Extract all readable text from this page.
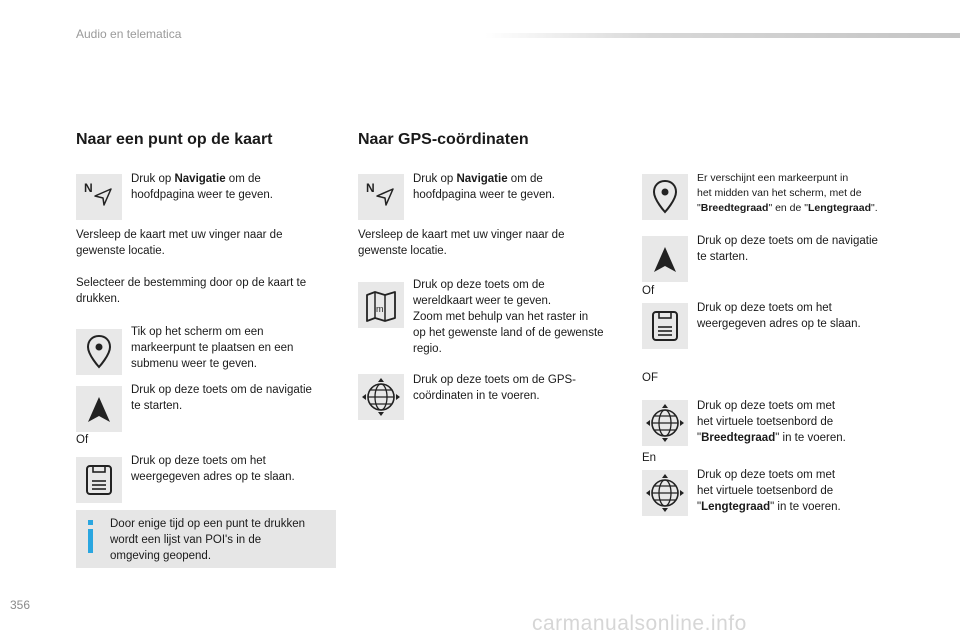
Audio en telematica
Naar een punt op de kaart
N
Druk op Navigatie om de
hoofdpagina weer te geven.
Versleep de kaart met uw vinger naar de
gewenste locatie.
Selecteer de bestemming door op de kaart te
drukken.
Tik op het scherm om een
markeerpunt te plaatsen en een
submenu weer te geven.
Druk op deze toets om de navigatie
te starten.
Of
Druk op deze toets om het
weergegeven adres op te slaan.
Door enige tijd op een punt te drukken
wordt een lijst van POI's in de
omgeving geopend.
Naar GPS-coördinaten
N
Druk op Navigatie om de
hoofdpagina weer te geven.
Versleep de kaart met uw vinger naar de
gewenste locatie.
m
Druk op deze toets om de
wereldkaart weer te geven.
Zoom met behulp van het raster in
op het gewenste land of de gewenste
regio.
Druk op deze toets om de GPS-
coördinaten in te voeren.
Er verschijnt een markeerpunt in
het midden van het scherm, met de
"Breedtegraad" en de "Lengtegraad".
Druk op deze toets om de navigatie
te starten.
Of
Druk op deze toets om het
weergegeven adres op te slaan.
OF
Druk op deze toets om met
het virtuele toetsenbord de
"Breedtegraad" in te voeren.
En
Druk op deze toets om met
het virtuele toetsenbord de
"Lengtegraad" in te voeren.
356
carmanualsonline.info
